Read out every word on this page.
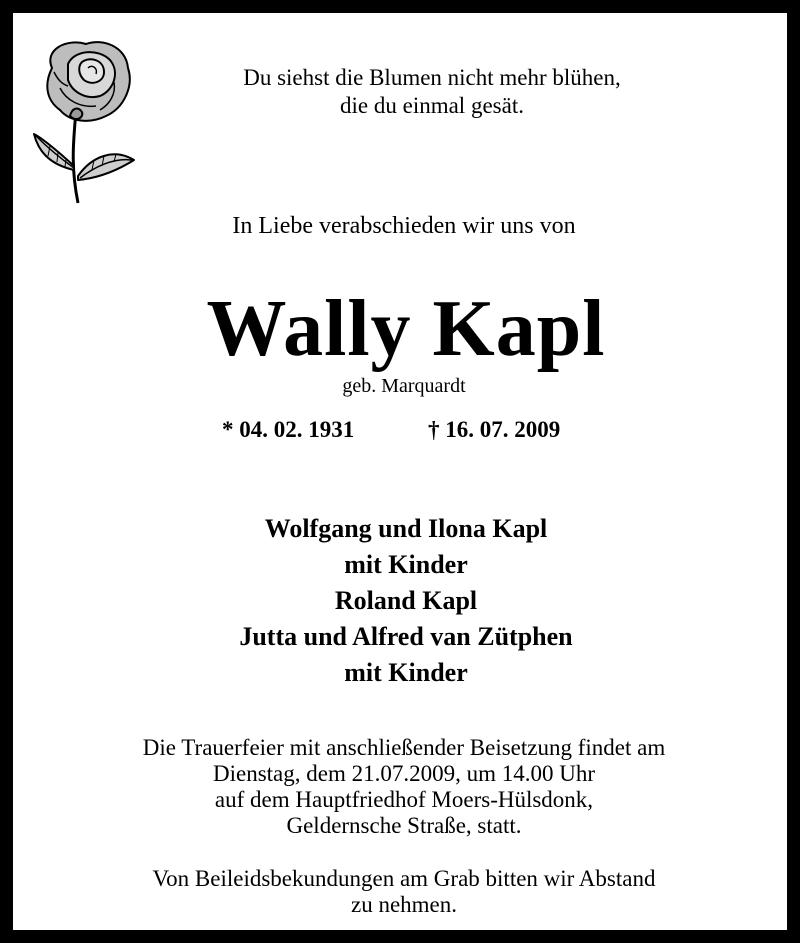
Du siehst die Blumen nicht mehr blühen,
die du einmal gesät.
In Liebe verabschieden wir uns von
Wally Kapl
geb. Marquardt
* 04. 02. 1931	† 16. 07. 2009
Wolfgang und Ilona Kapl
mit Kinder
Roland Kapl
Jutta und Alfred van Zütphen
mit Kinder
Die Trauerfeier mit anschließender Beisetzung findet am
Dienstag, dem 21.07.2009, um 14.00 Uhr
auf dem Hauptfriedhof Moers-Hülsdonk,
Geldernsche Straße, statt.
Von Beileidsbekundungen am Grab bitten wir Abstand
zu nehmen.
